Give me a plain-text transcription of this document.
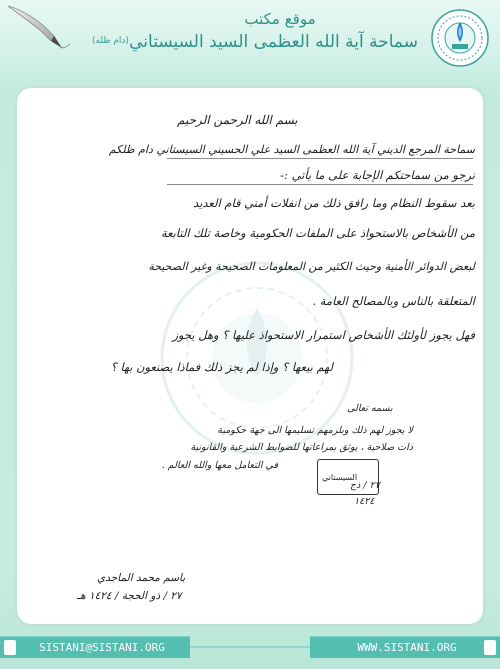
موقع مكتب
سماحة آية الله العظمى السيد السيستاني
(دام ظله)
بسم الله الرحمن الرحيم
سماحة المرجع الديني آية الله العظمى السيد علي الحسيني السيستاني دام ظلكم
نرجو من سماحتكم الإجابة على ما يأتي :-
بعد سقوط النظام وما رافق ذلك من انفلات أمني قام العديد
من الأشخاص بالاستحواذ على الملفات الحكومية وخاصة تلك التابعة
لبعض الدوائر الأمنية وحيث الكثير من المعلومات الصحيحة وغير الصحيحة
المتعلقة بالناس وبالمصالح العامة .
فهل يجوز لأولئك الأشخاص استمرار الاستحواذ عليها ؟ وهل يجوز
لهم بيعها ؟ وإذا لم يجز ذلك فماذا يصنعون بها ؟
بسمه تعالى
لا يجوز لهم ذلك وبلزمهم تسليمها الى جهة حكومية
ذات صلاحية ، يوثق بمراعاتها للضوابط الشرعية والقانونية
في التعامل معها والله العالم .
السيستاني
٢٧ / ذج
١٤٢٤
باسم محمد الماجدي
٢٧ / ذو الحجة / ١٤٢٤ هـ
SISTANI@SISTANI.ORG	WWW.SISTANI.ORG
